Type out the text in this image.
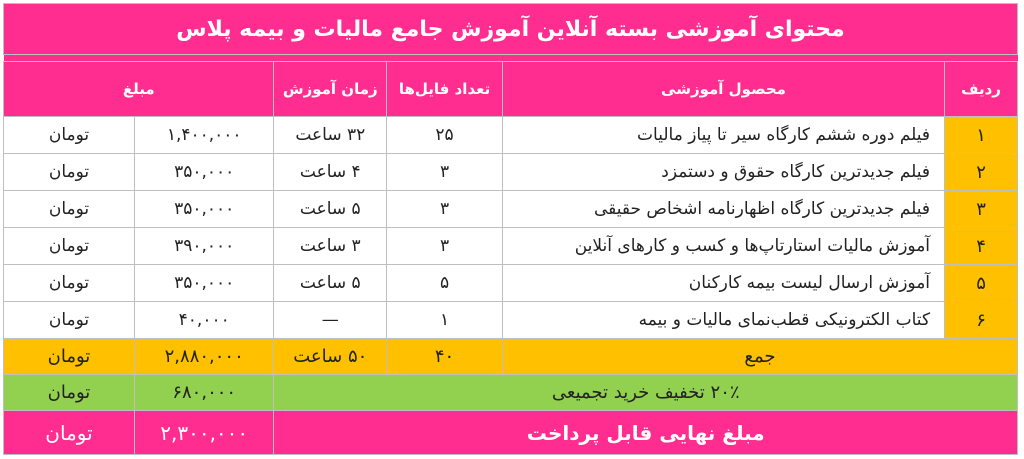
محتوای آموزشی بسته آنلاین آموزش جامع مالیات و بیمه پلاس					

ردیف	محصول آموزشی	تعداد فایل‌ها	زمان آموزش	مبلغ	
۱	فیلم دوره ششم کارگاه سیر تا پیاز مالیات	۲۵	۳۲ ساعت	۱,۴۰۰,۰۰۰	تومان
۲	فیلم جدیدترین کارگاه حقوق و دستمزد	۳	۴ ساعت	۳۵۰,۰۰۰	تومان
۳	فیلم جدیدترین کارگاه اظهارنامه اشخاص حقیقی	۳	۵ ساعت	۳۵۰,۰۰۰	تومان
۴	آموزش مالیات استارتاپ‌ها و کسب و کارهای آنلاین	۳	۳ ساعت	۳۹۰,۰۰۰	تومان
۵	آموزش ارسال لیست بیمه کارکنان	۵	۵ ساعت	۳۵۰,۰۰۰	تومان
۶	کتاب الکترونیکی قطب‌نمای مالیات و بیمه	۱	—	۴۰,۰۰۰	تومان
جمع		۴۰	۵۰ ساعت	۲,۸۸۰,۰۰۰	تومان
۲۰٪ تخفیف خرید تجمیعی				۶۸۰,۰۰۰	تومان
مبلغ نهایی قابل پرداخت				۲,۳۰۰,۰۰۰	تومان
